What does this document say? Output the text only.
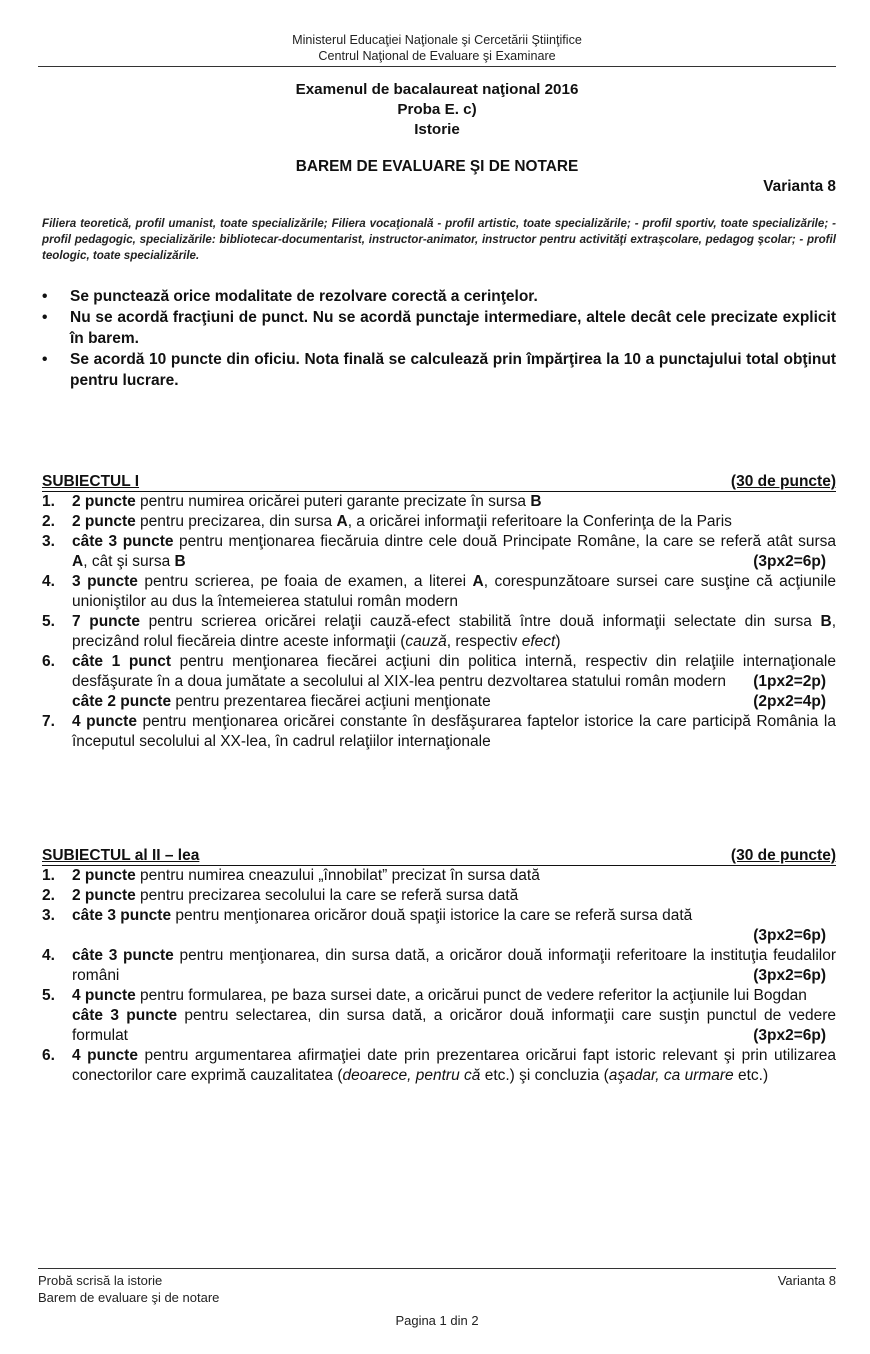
Ministerul Educaţiei Naţionale şi Cercetării Ştiinţifice
Centrul Naţional de Evaluare şi Examinare
Examenul de bacalaureat naţional 2016
Proba E. c)
Istorie
BAREM DE EVALUARE ŞI DE NOTARE
Varianta 8
Filiera teoretică, profil umanist, toate specializările; Filiera vocaţională - profil artistic, toate specializările; - profil sportiv, toate specializările; - profil pedagogic, specializările: bibliotecar-documentarist, instructor-animator, instructor pentru activităţi extraşcolare, pedagog şcolar; - profil teologic, toate specializările.
•	Se punctează orice modalitate de rezolvare corectă a cerinţelor.
•	Nu se acordă fracţiuni de punct. Nu se acordă punctaje intermediare, altele decât cele precizate explicit în barem.
•	Se acordă 10 puncte din oficiu. Nota finală se calculează prin împărţirea la 10 a punctajului total obţinut pentru lucrare.
SUBIECTUL I	(30 de puncte)
1. 2 puncte pentru numirea oricărei puteri garante precizate în sursa B
2. 2 puncte pentru precizarea, din sursa A, a oricărei informaţii referitoare la Conferinţa de la Paris
3. câte 3 puncte pentru menţionarea fiecăruia dintre cele două Principate Române, la care se referă atât sursa A, cât şi sursa B	(3px2=6p)
4. 3 puncte pentru scrierea, pe foaia de examen, a literei A, corespunzătoare sursei care susţine că acţiunile unioniştilor au dus la întemeierea statului român modern
5. 7 puncte pentru scrierea oricărei relaţii cauză-efect stabilită între două informaţii selectate din sursa B, precizând rolul fiecăreia dintre aceste informaţii (cauză, respectiv efect)
6. câte 1 punct pentru menţionarea fiecărei acţiuni din politica internă, respectiv din relaţiile internaţionale desfăşurate în a doua jumătate a secolului al XIX-lea pentru dezvoltarea statului român modern	(1px2=2p)
câte 2 puncte pentru prezentarea fiecărei acţiuni menţionate	(2px2=4p)
7. 4 puncte pentru menţionarea oricărei constante în desfăşurarea faptelor istorice la care participă România la începutul secolului al XX-lea, în cadrul relaţiilor internaţionale
SUBIECTUL al II – lea	(30 de puncte)
1. 2 puncte pentru numirea cneazului „înnobilat” precizat în sursa dată
2. 2 puncte pentru precizarea secolului la care se referă sursa dată
3. câte 3 puncte pentru menţionarea oricăror două spaţii istorice la care se referă sursa dată
(3px2=6p)
4. câte 3 puncte pentru menţionarea, din sursa dată, a oricăror două informaţii referitoare la instituţia feudalilor români	(3px2=6p)
5. 4 puncte pentru formularea, pe baza sursei date, a oricărui punct de vedere referitor la acţiunile lui Bogdan
câte 3 puncte pentru selectarea, din sursa dată, a oricăror două informaţii care susţin punctul de vedere formulat	(3px2=6p)
6. 4 puncte pentru argumentarea afirmaţiei date prin prezentarea oricărui fapt istoric relevant şi prin utilizarea conectorilor care exprimă cauzalitatea (deoarece, pentru că etc.) şi concluzia (aşadar, ca urmare etc.)
Probă scrisă la istorie	Varianta 8
Barem de evaluare şi de notare
Pagina 1 din 2
